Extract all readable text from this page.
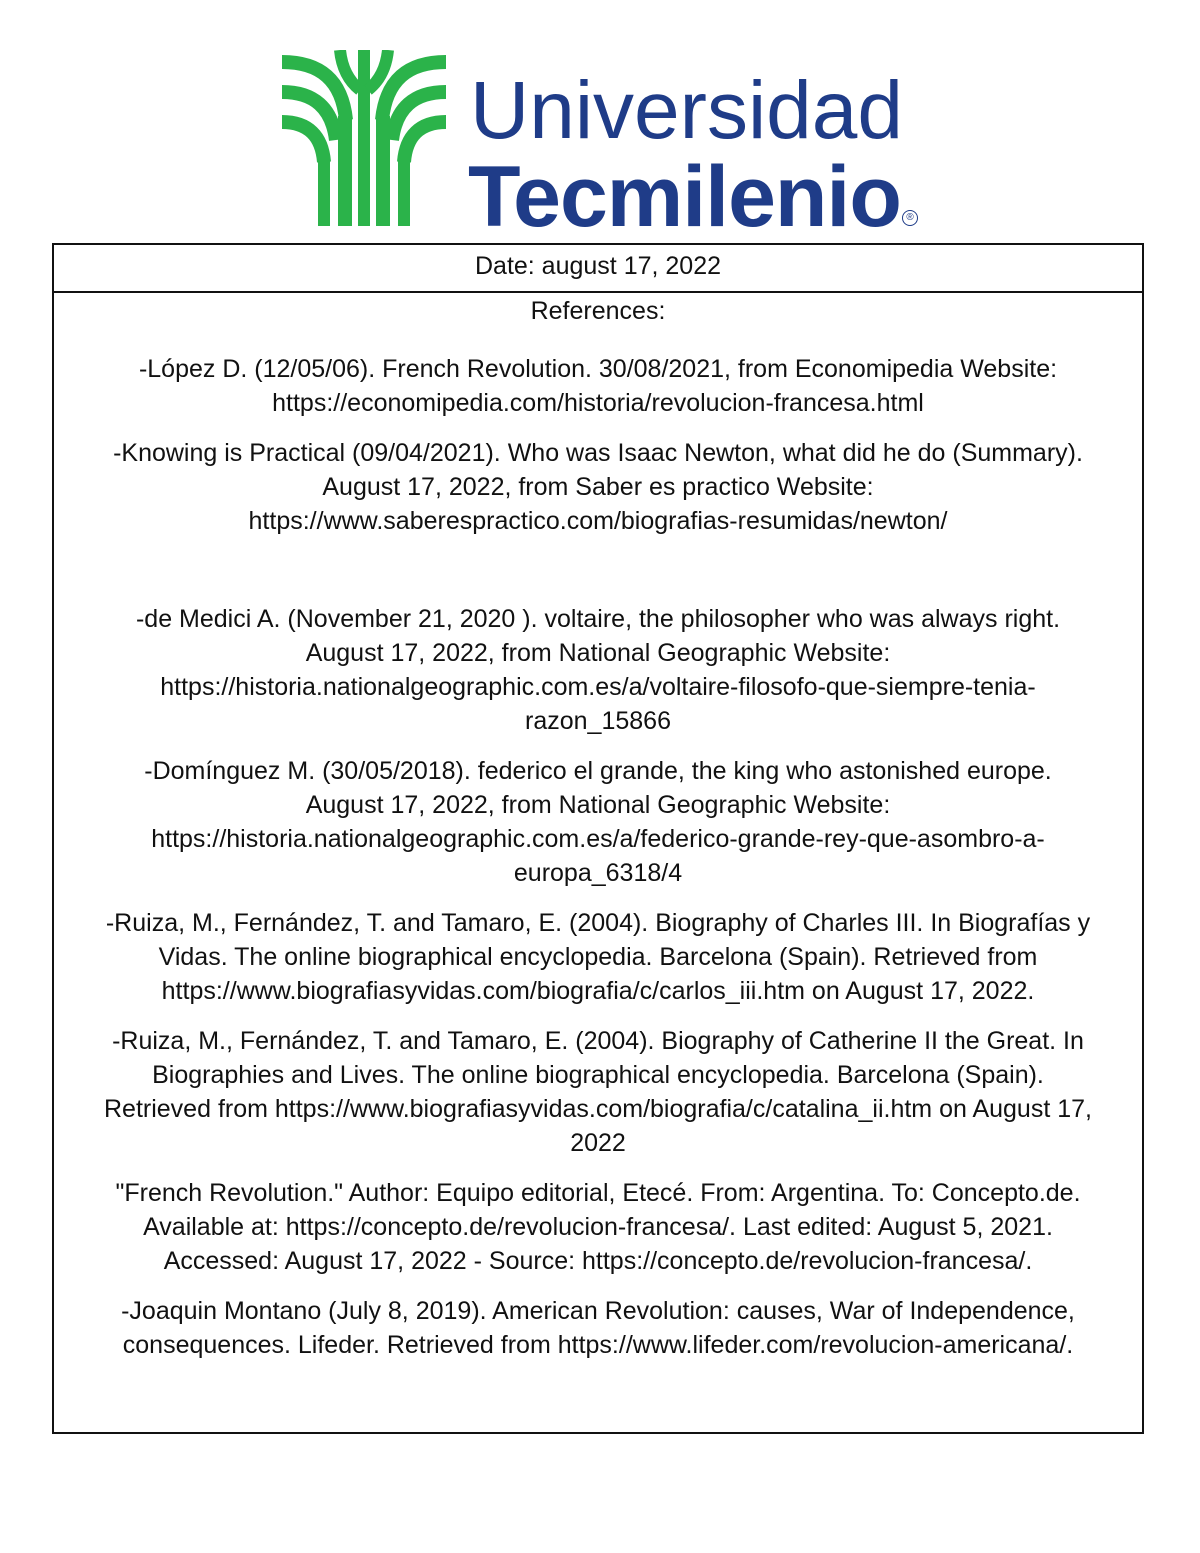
Universidad
Tecmilenio ®
Date: august 17, 2022
References:
-López D. (12/05/06). French Revolution. 30/08/2021, from Economipedia Website:
https://economipedia.com/historia/revolucion-francesa.html
-Knowing is Practical (09/04/2021). Who was Isaac Newton, what did he do (Summary).
August 17, 2022, from Saber es practico Website:
https://www.saberespractico.com/biografias-resumidas/newton/
-de Medici A. (November 21, 2020 ). voltaire, the philosopher who was always right.
August 17, 2022, from National Geographic Website:
https://historia.nationalgeographic.com.es/a/voltaire-filosofo-que-siempre-tenia-
razon_15866
-Domínguez M. (30/05/2018). federico el grande, the king who astonished europe.
August 17, 2022, from National Geographic Website:
https://historia.nationalgeographic.com.es/a/federico-grande-rey-que-asombro-a-
europa_6318/4
-Ruiza, M., Fernández, T. and Tamaro, E. (2004). Biography of Charles III. In Biografías y
Vidas. The online biographical encyclopedia. Barcelona (Spain). Retrieved from
https://www.biografiasyvidas.com/biografia/c/carlos_iii.htm on August 17, 2022.
-Ruiza, M., Fernández, T. and Tamaro, E. (2004). Biography of Catherine II the Great. In
Biographies and Lives. The online biographical encyclopedia. Barcelona (Spain).
Retrieved from https://www.biografiasyvidas.com/biografia/c/catalina_ii.htm on August 17,
2022
"French Revolution." Author: Equipo editorial, Etecé. From: Argentina. To: Concepto.de.
Available at: https://concepto.de/revolucion-francesa/. Last edited: August 5, 2021.
Accessed: August 17, 2022 - Source: https://concepto.de/revolucion-francesa/.
-Joaquin Montano (July 8, 2019). American Revolution: causes, War of Independence,
consequences. Lifeder. Retrieved from https://www.lifeder.com/revolucion-americana/.
